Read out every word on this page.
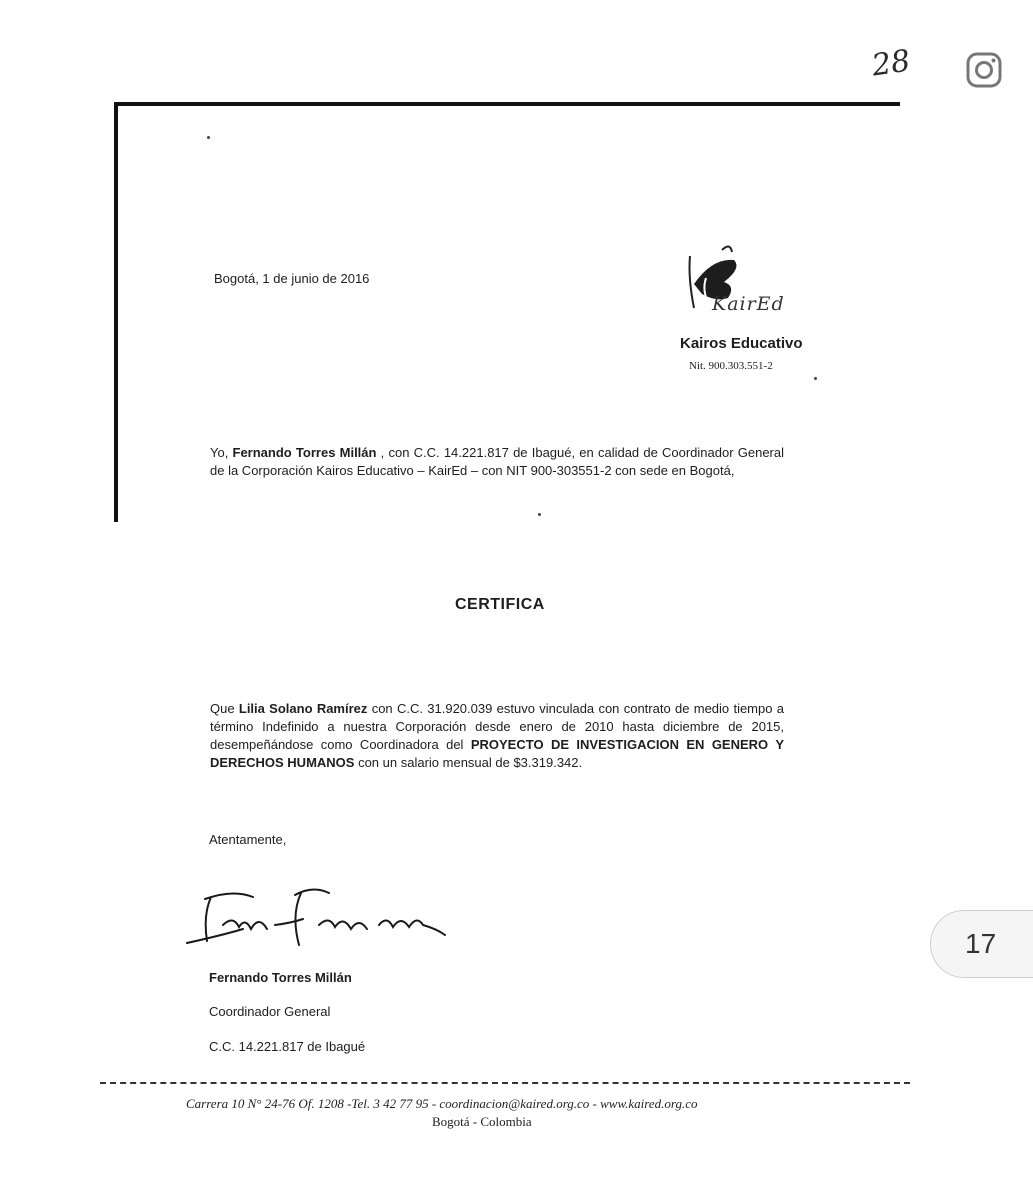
28
Bogotá, 1 de junio de 2016
KairEd
Kairos Educativo
Nit. 900.303.551-2
Yo, Fernando Torres Millán , con C.C. 14.221.817 de Ibagué, en calidad de Coordinador General de la Corporación Kairos Educativo – KairEd – con NIT 900-303551-2 con sede en Bogotá,
CERTIFICA
Que Lilia Solano Ramírez con C.C. 31.920.039 estuvo vinculada con contrato de medio tiempo a término Indefinido a nuestra Corporación desde enero de 2010 hasta diciembre de 2015, desempeñándose como Coordinadora del PROYECTO DE INVESTIGACION EN GENERO Y DERECHOS HUMANOS con un salario mensual de $3.319.342.
Atentamente,
Fernando Torres Millán
Coordinador General
C.C. 14.221.817 de Ibagué
Carrera 10 N° 24-76 Of. 1208 -Tel. 3 42 77 95 - coordinacion@kaired.org.co - www.kaired.org.co
Bogotá - Colombia
17
